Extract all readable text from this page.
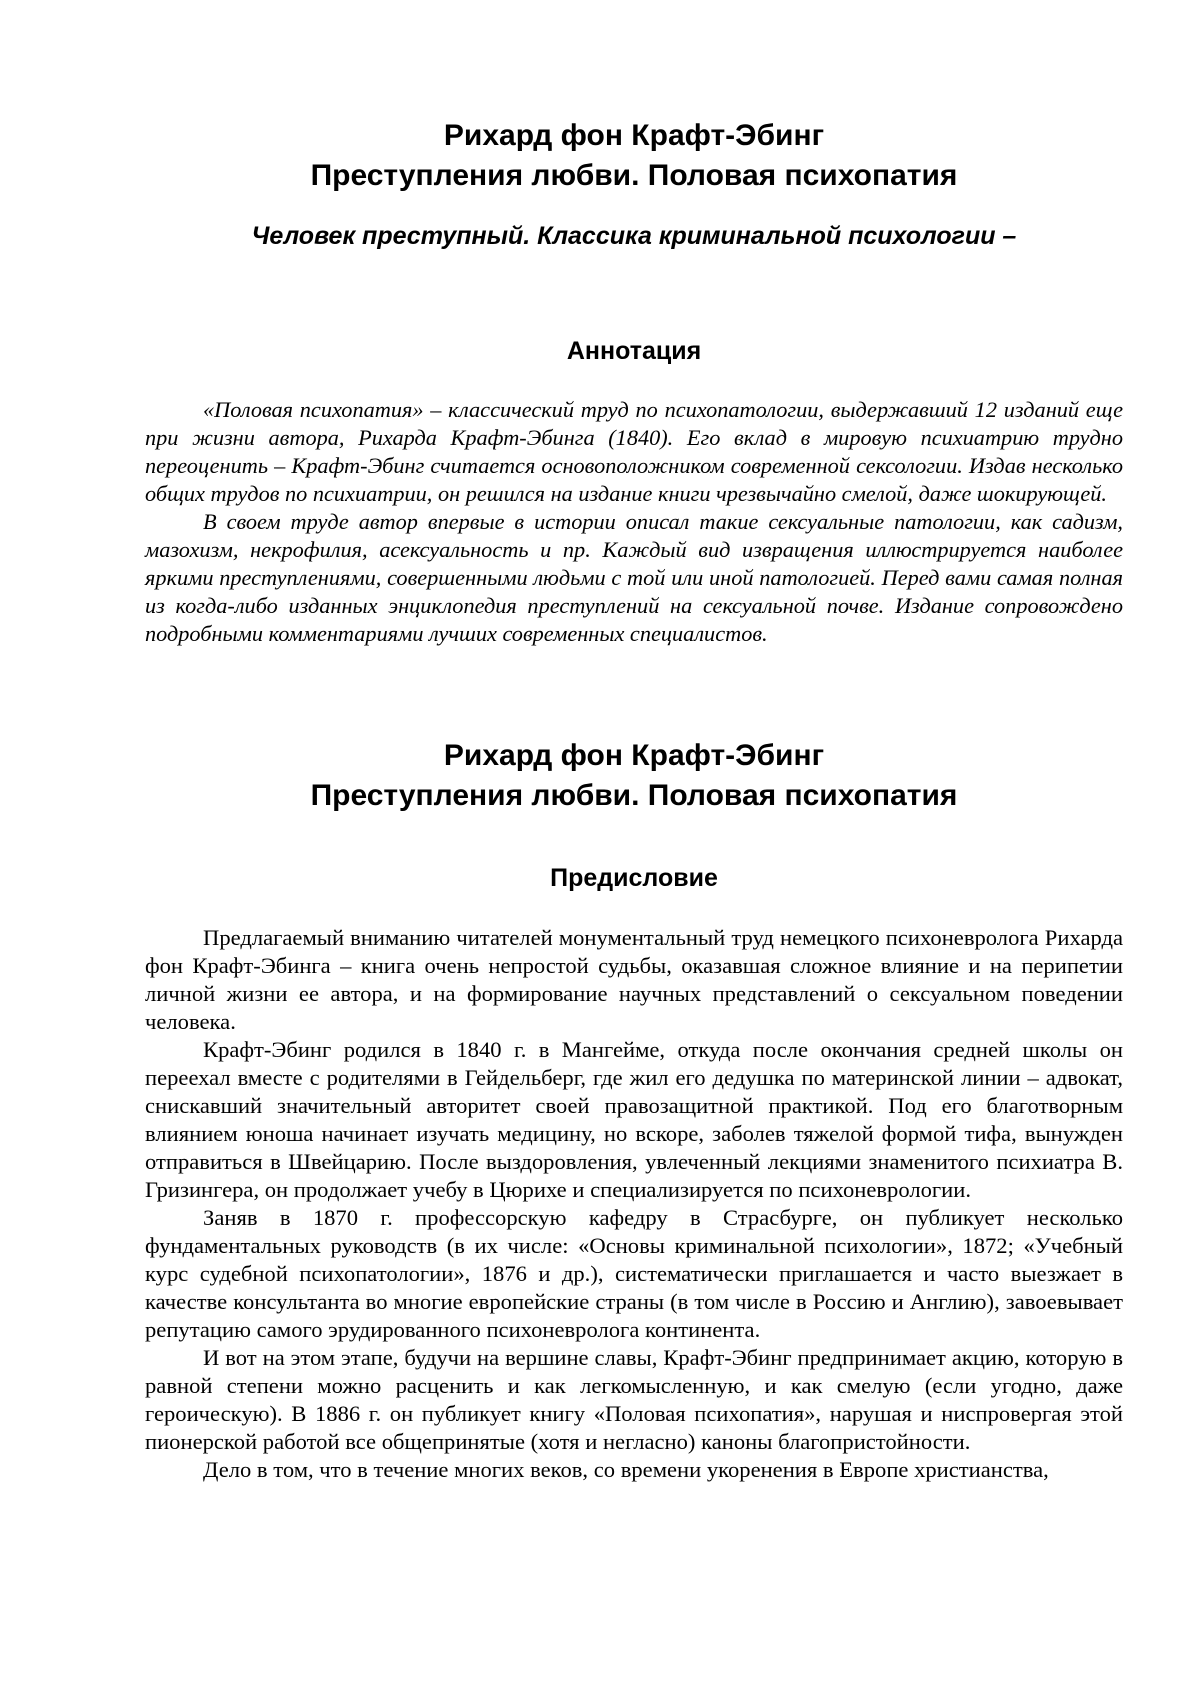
Рихард фон Крафт-Эбинг

Преступления любви. Половая психопатия

Человек преступный. Классика криминальной психологии –

Аннотация

«Половая психопатия» – классический труд по психопатологии, выдержавший 12 изданий еще при жизни автора, Рихарда Крафт-Эбинга (1840). Его вклад в мировую психиатрию трудно переоценить – Крафт-Эбинг считается основоположником современной сексологии. Издав несколько общих трудов по психиатрии, он решился на издание книги чрезвычайно смелой, даже шокирующей.

В своем труде автор впервые в истории описал такие сексуальные патологии, как садизм, мазохизм, некрофилия, асексуальность и пр. Каждый вид извращения иллюстрируется наиболее яркими преступлениями, совершенными людьми с той или иной патологией. Перед вами самая полная из когда-либо изданных энциклопедия преступлений на сексуальной почве. Издание сопровождено подробными комментариями лучших современных специалистов.

Рихард фон Крафт-Эбинг

Преступления любви. Половая психопатия

Предисловие

Предлагаемый вниманию читателей монументальный труд немецкого психоневролога Рихарда фон Крафт-Эбинга – книга очень непростой судьбы, оказавшая сложное влияние и на перипетии личной жизни ее автора, и на формирование научных представлений о сексуальном поведении человека.

Крафт-Эбинг родился в 1840 г. в Мангейме, откуда после окончания средней школы он переехал вместе с родителями в Гейдельберг, где жил его дедушка по материнской линии – адвокат, снискавший значительный авторитет своей правозащитной практикой. Под его благотворным влиянием юноша начинает изучать медицину, но вскоре, заболев тяжелой формой тифа, вынужден отправиться в Швейцарию. После выздоровления, увлеченный лекциями знаменитого психиатра В. Гризингера, он продолжает учебу в Цюрихе и специализируется по психоневрологии.

Заняв в 1870 г. профессорскую кафедру в Страсбурге, он публикует несколько фундаментальных руководств (в их числе: «Основы криминальной психологии», 1872; «Учебный курс судебной психопатологии», 1876 и др.), систематически приглашается и часто выезжает в качестве консультанта во многие европейские страны (в том числе в Россию и Англию), завоевывает репутацию самого эрудированного психоневролога континента.

И вот на этом этапе, будучи на вершине славы, Крафт-Эбинг предпринимает акцию, которую в равной степени можно расценить и как легкомысленную, и как смелую (если угодно, даже героическую). В 1886 г. он публикует книгу «Половая психопатия», нарушая и ниспровергая этой пионерской работой все общепринятые (хотя и негласно) каноны благопристойности.

Дело в том, что в течение многих веков, со времени укоренения в Европе христианства,
